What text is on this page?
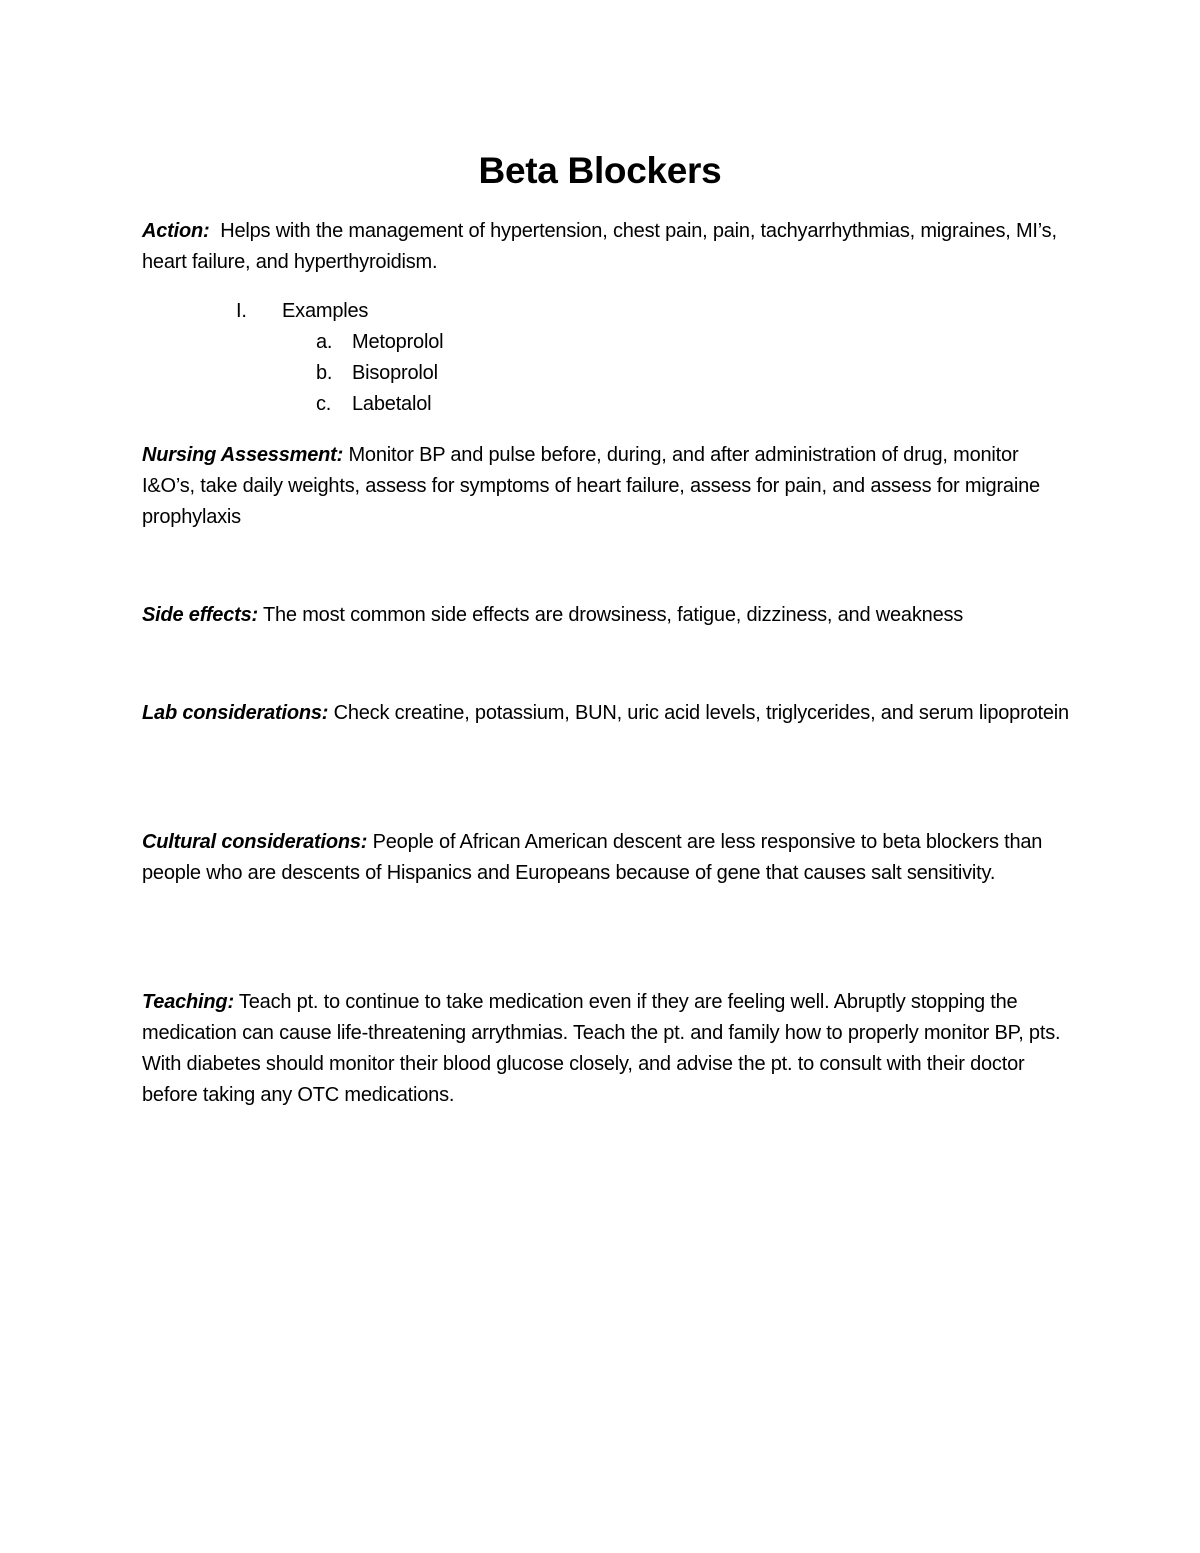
Beta Blockers
Action: Helps with the management of hypertension, chest pain, pain, tachyarrhythmias, migraines, MI’s, heart failure, and hyperthyroidism.
I. Examples
a. Metoprolol
b. Bisoprolol
c. Labetalol
Nursing Assessment: Monitor BP and pulse before, during, and after administration of drug, monitor I&O’s, take daily weights, assess for symptoms of heart failure, assess for pain, and assess for migraine prophylaxis
Side effects: The most common side effects are drowsiness, fatigue, dizziness, and weakness
Lab considerations: Check creatine, potassium, BUN, uric acid levels, triglycerides, and serum lipoprotein
Cultural considerations: People of African American descent are less responsive to beta blockers than people who are descents of Hispanics and Europeans because of gene that causes salt sensitivity.
Teaching: Teach pt. to continue to take medication even if they are feeling well. Abruptly stopping the medication can cause life-threatening arrythmias. Teach the pt. and family how to properly monitor BP, pts. With diabetes should monitor their blood glucose closely, and advise the pt. to consult with their doctor before taking any OTC medications.
